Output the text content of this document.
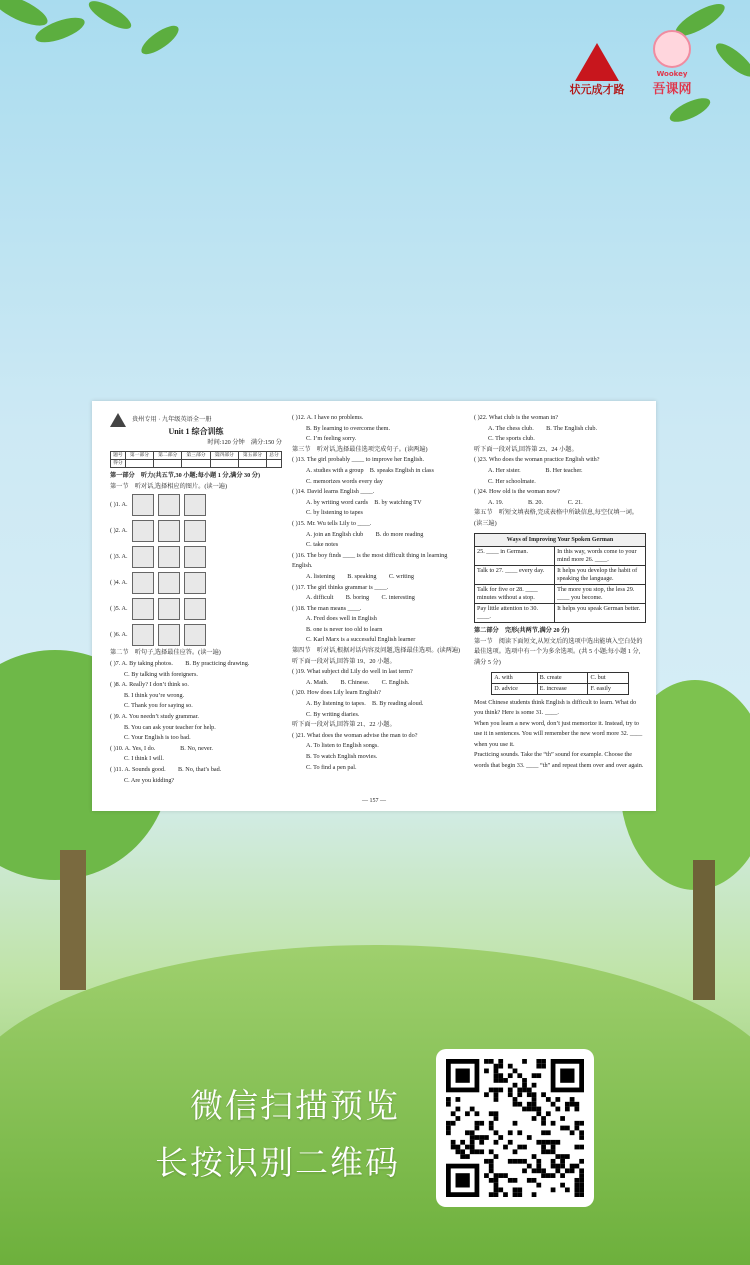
状元成才路
Wookey
吾课网
贵州专用 · 九年级英语全一册
Unit 1 综合训练
时间:120 分钟　满分:150 分
题号	第一部分	第二部分	第三部分	第四部分	第五部分	总分
得分						
第一部分　听力(共五节,30 小题;每小题 1 分,满分 30 分)
第一节　听对话,选择相应的图片。(读一遍)
( )1. A.
( )2. A.
( )3. A.
( )4. A.
( )5. A.
( )6. A.
第二节　听句子,选择最佳应答。(读一遍)
( )7. A. By taking photos.　　B. By practicing drawing.
C. By talking with foreigners.
( )8. A. Really? I don’t think so.
B. I think you’re wrong.
C. Thank you for saying so.
( )9. A. You needn’t study grammar.
B. You can ask your teacher for help.
C. Your English is too bad.
( )10. A. Yes, I do.　　　　B. No, never.
C. I think I will.
( )11. A. Sounds good.　　B. No, that’s bad.
C. Are you kidding?
( )12. A. I have no problems.
B. By learning to overcome them.
C. I’m feeling sorry.
第三节　听对话,选择最佳选项完成句子。(读两遍)
( )13. The girl probably ____ to improve her English.
A. studies with a group　B. speaks English in class
C. memorizes words every day
( )14. David learns English ____.
A. by writing word cards　B. by watching TV
C. by listening to tapes
( )15. Mr. Wu tells Lily to ____.
A. join an English club　　B. do more reading
C. take notes
( )16. The boy finds ____ is the most difficult thing in learning English.
A. listening　　B. speaking　　C. writing
( )17. The girl thinks grammar is ____.
A. difficult　　B. boring　　C. interesting
( )18. The man means ____.
A. Fred does well in English
B. one is never too old to learn
C. Karl Marx is a successful English learner
第四节　听对话,根据对话内容及问题,选择最佳选项。(读两遍)
听下面一段对话,回答第 19、20 小题。
( )19. What subject did Lily do well in last term?
A. Math.　　B. Chinese.　　C. English.
( )20. How does Lily learn English?
A. By listening to tapes.　B. By reading aloud.
C. By writing diaries.
听下面一段对话,回答第 21、22 小题。
( )21. What does the woman advise the man to do?
A. To listen to English songs.
B. To watch English movies.
C. To find a pen pal.
( )22. What club is the woman in?
A. The chess club.　　B. The English club.
C. The sports club.
听下面一段对话,回答第 23、24 小题。
( )23. Who does the woman practice English with?
A. Her sister.　　　　B. Her teacher.
C. Her schoolmate.
( )24. How old is the woman now?
A. 19.　　　　B. 20.　　　　C. 21.
第五节　听短文填表格,完成表格中所缺信息,每空仅填一词。(读三遍)
Ways of Improving Your Spoken German	
25. ____ in German.	In this way, words come to your mind more 26. ____.
Talk to 27. ____ every day.	It helps you develop the habit of speaking the language.
Talk for five or 28. ____ minutes without a stop.	The more you stop, the less 29. ____ you become.
Pay little attention to 30. ____.	It helps you speak German better.
第二部分　完形(共两节,满分 20 分)
第一节　阅读下面短文,从短文后的选项中选出能填入空白处的最佳选项。选项中有一个为多余选项。(共 5 小题;每小题 1 分,满分 5 分)
A. with	B. create	C. but
D. advice	E. increase	F. easily
Most Chinese students think English is difficult to learn. What do you think? Here is some 31. ____.
When you learn a new word, don’t just memorize it. Instead, try to use it in sentences. You will remember the new word more 32. ____ when you use it.
Practicing sounds. Take the “th” sound for example. Choose the words that begin 33. ____ “th” and repeat them over and over again.
— 157 —
微信扫描预览
长按识别二维码
